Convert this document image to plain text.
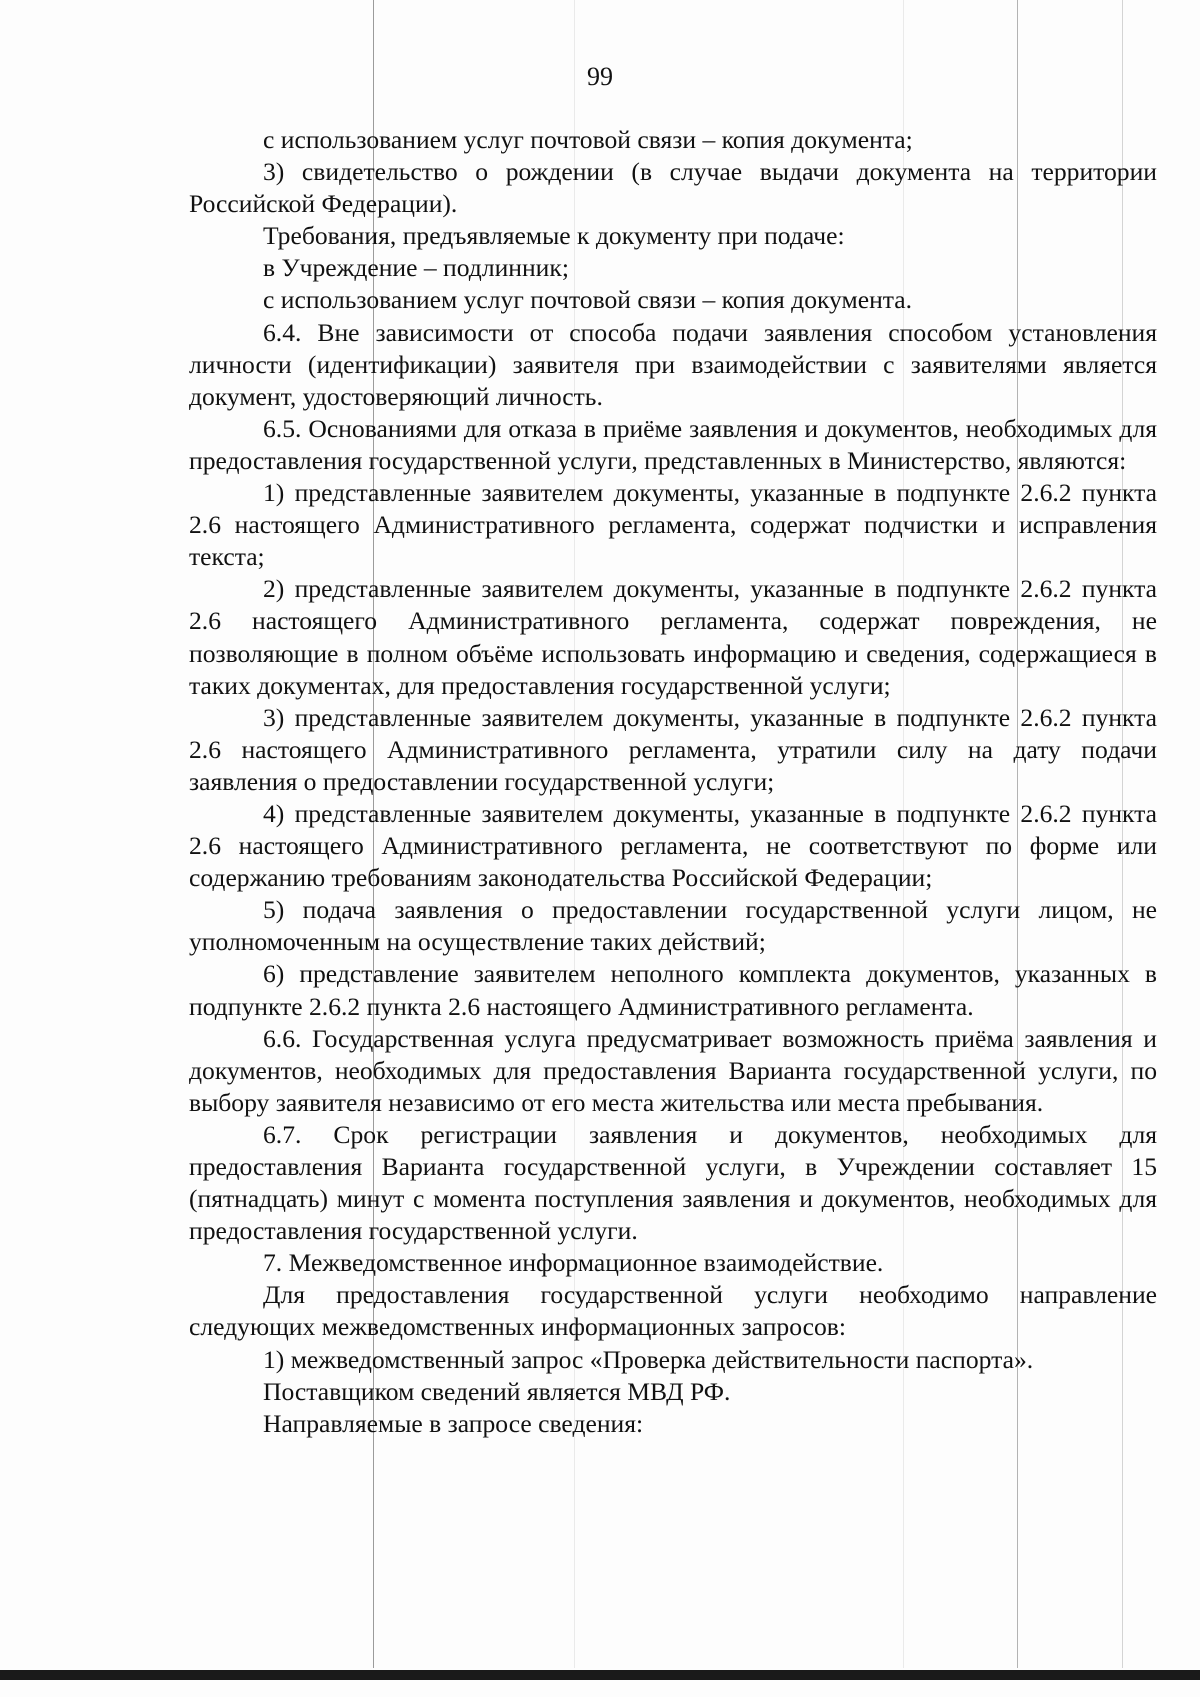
99

с использованием услуг почтовой связи – копия документа;

3) свидетельство о рождении (в случае выдачи документа на территории Российской Федерации).

Требования, предъявляемые к документу при подаче:

в Учреждение – подлинник;

с использованием услуг почтовой связи – копия документа.

6.4. Вне зависимости от способа подачи заявления способом установления личности (идентификации) заявителя при взаимодействии с заявителями является документ, удостоверяющий личность.

6.5. Основаниями для отказа в приёме заявления и документов, необходимых для предоставления государственной услуги, представленных в Министерство, являются:

1) представленные заявителем документы, указанные в подпункте 2.6.2 пункта 2.6 настоящего Административного регламента, содержат подчистки и исправления текста;

2) представленные заявителем документы, указанные в подпункте 2.6.2 пункта 2.6 настоящего Административного регламента, содержат повреждения, не позволяющие в полном объёме использовать информацию и сведения, содержащиеся в таких документах, для предоставления государственной услуги;

3) представленные заявителем документы, указанные в подпункте 2.6.2 пункта 2.6 настоящего Административного регламента, утратили силу на дату подачи заявления о предоставлении государственной услуги;

4) представленные заявителем документы, указанные в подпункте 2.6.2 пункта 2.6 настоящего Административного регламента, не соответствуют по форме или содержанию требованиям законодательства Российской Федерации;

5) подача заявления о предоставлении государственной услуги лицом, не уполномоченным на осуществление таких действий;

6) представление заявителем неполного комплекта документов, указанных в подпункте 2.6.2 пункта 2.6 настоящего Административного регламента.

6.6. Государственная услуга предусматривает возможность приёма заявления и документов, необходимых для предоставления Варианта государственной услуги, по выбору заявителя независимо от его места жительства или места пребывания.

6.7. Срок регистрации заявления и документов, необходимых для предоставления Варианта государственной услуги, в Учреждении составляет 15 (пятнадцать) минут с момента поступления заявления и документов, необходимых для предоставления государственной услуги.

7. Межведомственное информационное взаимодействие.

Для предоставления государственной услуги необходимо направление следующих межведомственных информационных запросов:

1) межведомственный запрос «Проверка действительности паспорта».

Поставщиком сведений является МВД РФ.

Направляемые в запросе сведения:
